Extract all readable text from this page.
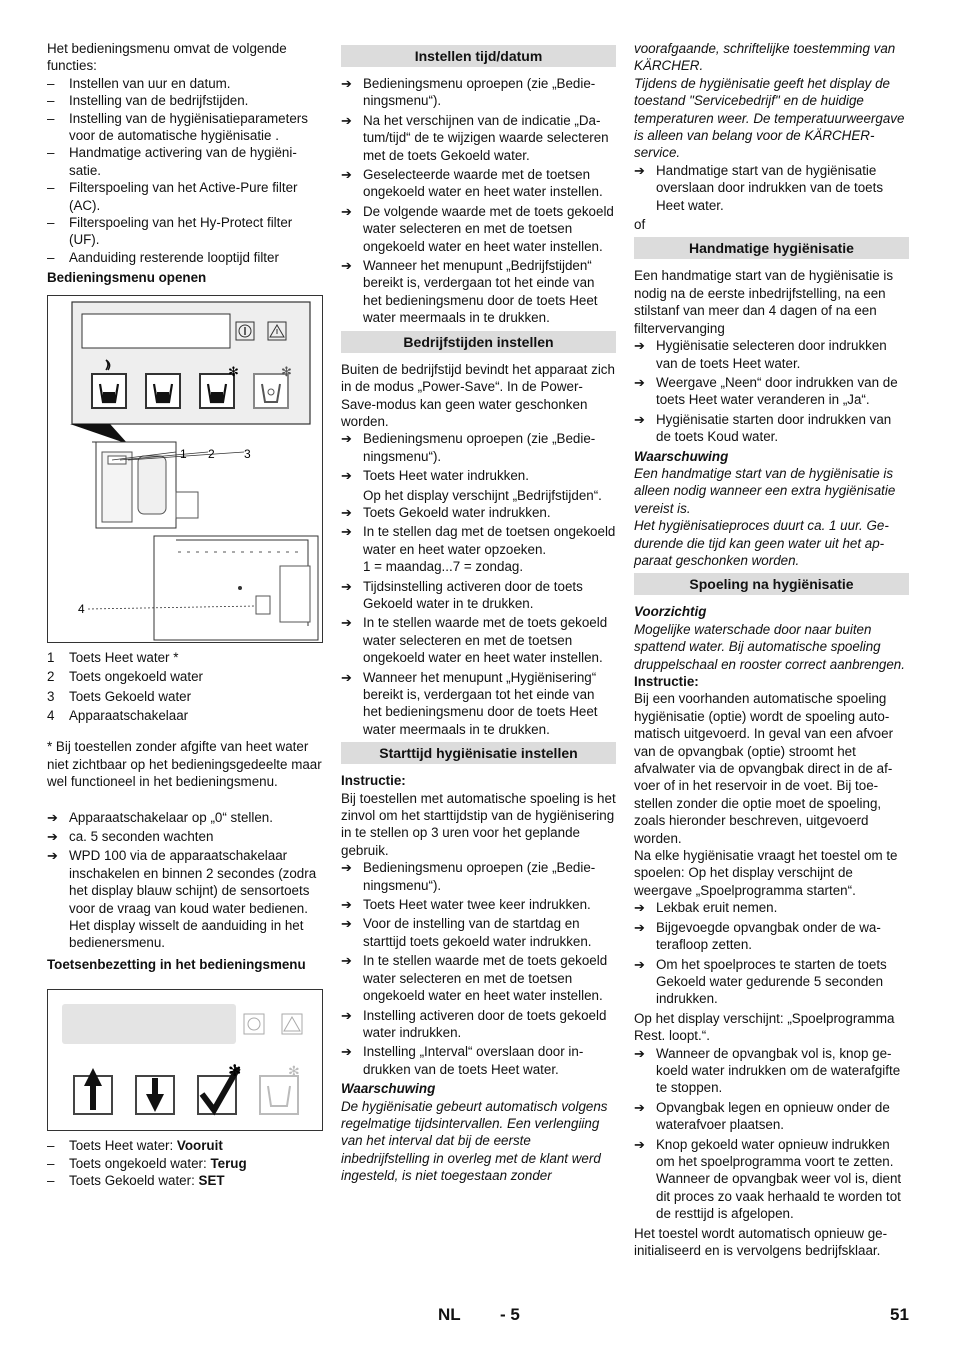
Het bedieningsmenu omvat de volgende functies:

–	Instellen van uur en datum.
–	Instelling van de bedrijfstijden.
–	Instelling van de hygiënisatieparameters voor de automatische hygiënisatie .
–	Handmatige activering van de hygiënisatie.
–	Filterspoeling van het Active-Pure filter (AC).
–	Filterspoeling van het Hy-Protect filter (UF).
–	Aanduiding resterende looptijd filter

Bedieningsmenu openen

✻	✻
1 2 3
4
1	Toets Heet water *
2	Toets ongekoeld water
3	Toets Gekoeld water
4	Apparaatschakelaar

* Bij toestellen zonder afgifte van heet water niet zichtbaar op het bedieningsgedeelte maar wel functioneel in het bedieningsmenu.

➔ Apparaatschakelaar op „0“ stellen.
➔ ca. 5 seconden wachten
➔ WPD 100 via de apparaatschakelaar inschakelen en binnen 2 secondes (zodra het display blauw schijnt) de sensortoets voor de vraag van koud water bedienen. Het display wisselt de aanduiding in het bedienersmenu.

Toetsenbezetting in het bedieningsmenu

✻	✻
–	Toets Heet water: Vooruit
–	Toets ongekoeld water: Terug
–	Toets Gekoeld water: SET
Instellen tijd/datum
➔ Bedieningsmenu oproepen (zie „Bedieningsmenu“).
➔ Na het verschijnen van de indicatie „Datum/tijd“ de te wijzigen waarde selecteren met de toets Gekoeld water.
➔ Geselecteerde waarde met de toetsen ongekoeld water en heet water instellen.
➔ De volgende waarde met de toets gekoeld water selecteren en met de toetsen ongekoeld water en heet water instellen.
➔ Wanneer het menupunt „Bedrijfstijden“ bereikt is, verdergaan tot het einde van het bedieningsmenu door de toets Heet water meermaals in te drukken.
Bedrijfstijden instellen

Buiten de bedrijfstijd bevindt het apparaat zich in de modus „Power-Save“. In de Power-Save-modus kan geen water geschonken worden.

➔ Bedieningsmenu oproepen (zie „Bedieningsmenu“).
➔ Toets Heet water indrukken.

Op het display verschijnt „Bedrijfstijden“.

➔ Toets Gekoeld water indrukken.
➔ In te stellen dag met de toetsen ongekoeld water en heet water opzoeken.

1 = maandag...7 = zondag.

➔ Tijdsinstelling activeren door de toets Gekoeld water in te drukken.
➔ In te stellen waarde met de toets gekoeld water selecteren en met de toetsen ongekoeld water en heet water instellen.
➔ Wanneer het menupunt „Hygiënisering“ bereikt is, verdergaan tot het einde van het bedieningsmenu door de toets Heet water meermaals in te drukken.
Starttijd hygiënisatie instellen

Instructie:

Bij toestellen met automatische spoeling is het zinvol om het starttijdstip van de hygiënisering in te stellen op 3 uren voor het geplande gebruik.

➔ Bedieningsmenu oproepen (zie „Bedieningsmenu“).
➔ Toets Heet water twee keer indrukken.
➔ Voor de instelling van de startdag en starttijd toets gekoeld water indrukken.
➔ In te stellen waarde met de toets gekoeld water selecteren en met de toetsen ongekoeld water en heet water instellen.
➔ Instelling activeren door de toets gekoeld water indrukken.
➔ Instelling „Interval“ overslaan door indrukken van de toets Heet water.

Waarschuwing

De hygiënisatie gebeurt automatisch volgens regelmatige tijdsintervallen. Een verlengiing van het interval dat bij de eerste inbedrijfstelling in overleg met de klant werd ingesteld, is niet toegestaan zonder

voorafgaande, schriftelijke toestemming van KÄRCHER.

Tijdens de hygiënisatie geeft het display de toestand "Servicebedrijf" en de huidige temperaturen weer. De temperatuurweergave is alleen van belang voor de KÄRCHER-service.

➔ Handmatige start van de hygiënisatie overslaan door indrukken van de toets Heet water.

of

Handmatige hygiënisatie

Een handmatige start van de hygiënisatie is nodig na de eerste inbedrijfstelling, na een stilstanf van meer dan 4 dagen of na een filtervervanging

➔ Hygiënisatie selecteren door indrukken van de toets Heet water.
➔ Weergave „Neen“ door indrukken van de toets Heet water veranderen in „Ja“.
➔ Hygiënisatie starten door indrukken van de toets Koud water.

Waarschuwing

Een handmatige start van de hygiënisatie is alleen nodig wanneer een extra hygiënisatie vereist is.

Het hygiënisatieproces duurt ca. 1 uur. Gedurende die tijd kan geen water uit het apparaat geschonken worden.

Spoeling na hygiënisatie

Voorzichtig

Mogelijke waterschade door naar buiten spattend water. Bij automatische spoeling druppelschaal en rooster correct aanbrengen.

Instructie:

Bij een voorhanden automatische spoeling hygiënisatie (optie) wordt de spoeling automatisch uitgevoerd. In geval van een afvoer van de opvangbak (optie) stroomt het afvalwater via de opvangbak direct in de afvoer of in het reservoir in de voet. Bij toestellen zonder die optie moet de spoeling, zoals hieronder beschreven, uitgevoerd worden.

Na elke hygiënisatie vraagt het toestel om te spoelen: Op het display verschijnt de weergave „Spoelprogramma starten“.

➔ Lekbak eruit nemen.
➔ Bijgevoegde opvangbak onder de waterafloop zetten.
➔ Om het spoelproces te starten de toets Gekoeld water gedurende 5 seconden indrukken.

Op het display verschijnt: „Spoelprogramma Rest. loopt.“.

➔ Wanneer de opvangbak vol is, knop gekoeld water indrukken om de waterafgifte te stoppen.
➔ Opvangbak legen en opnieuw onder de waterafvoer plaatsen.
➔ Knop gekoeld water opnieuw indrukken om het spoelprogramma voort te zetten. Wanneer de opvangbak weer vol is, dient dit proces zo vaak herhaald te worden tot de resttijd is afgelopen.

Het toestel wordt automatisch opnieuw geinitialiseerd en is vervolgens bedrijfsklaar.

NL - 5	51
